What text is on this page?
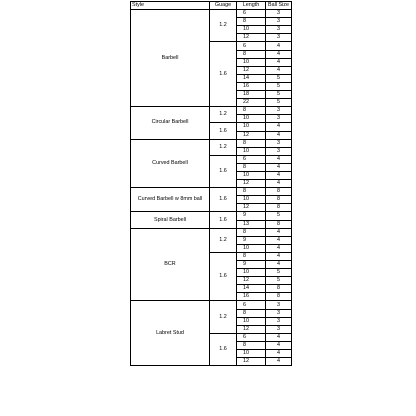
Style	Guage	Length	Ball Size
Barbell	1.2	6	3
		8	3
		10	3
		12	3
	1.6	6	4
		8	4
		10	4
		12	4
		14	5
		16	5
		18	5
		22	5
Circular Barbell	1.2	8	3
		10	3
	1.6	10	4
		12	4
Curved Barbell	1.2	8	3
		10	3
	1.6	6	4
		8	4
		10	4
		12	4
Curved Barbell w 8mm ball	1.6	8	8
		10	8
		12	8
Spiral Barbell	1.6	9	5
		13	8
BCR	1.2	8	4
		9	4
		10	4
	1.6	8	4
		9	4
		10	5
		12	5
		14	8
		16	8
Labret Stud	1.2	6	3
		8	3
		10	3
		12	3
	1.6	6	4
		8	4
		10	4
		12	4
